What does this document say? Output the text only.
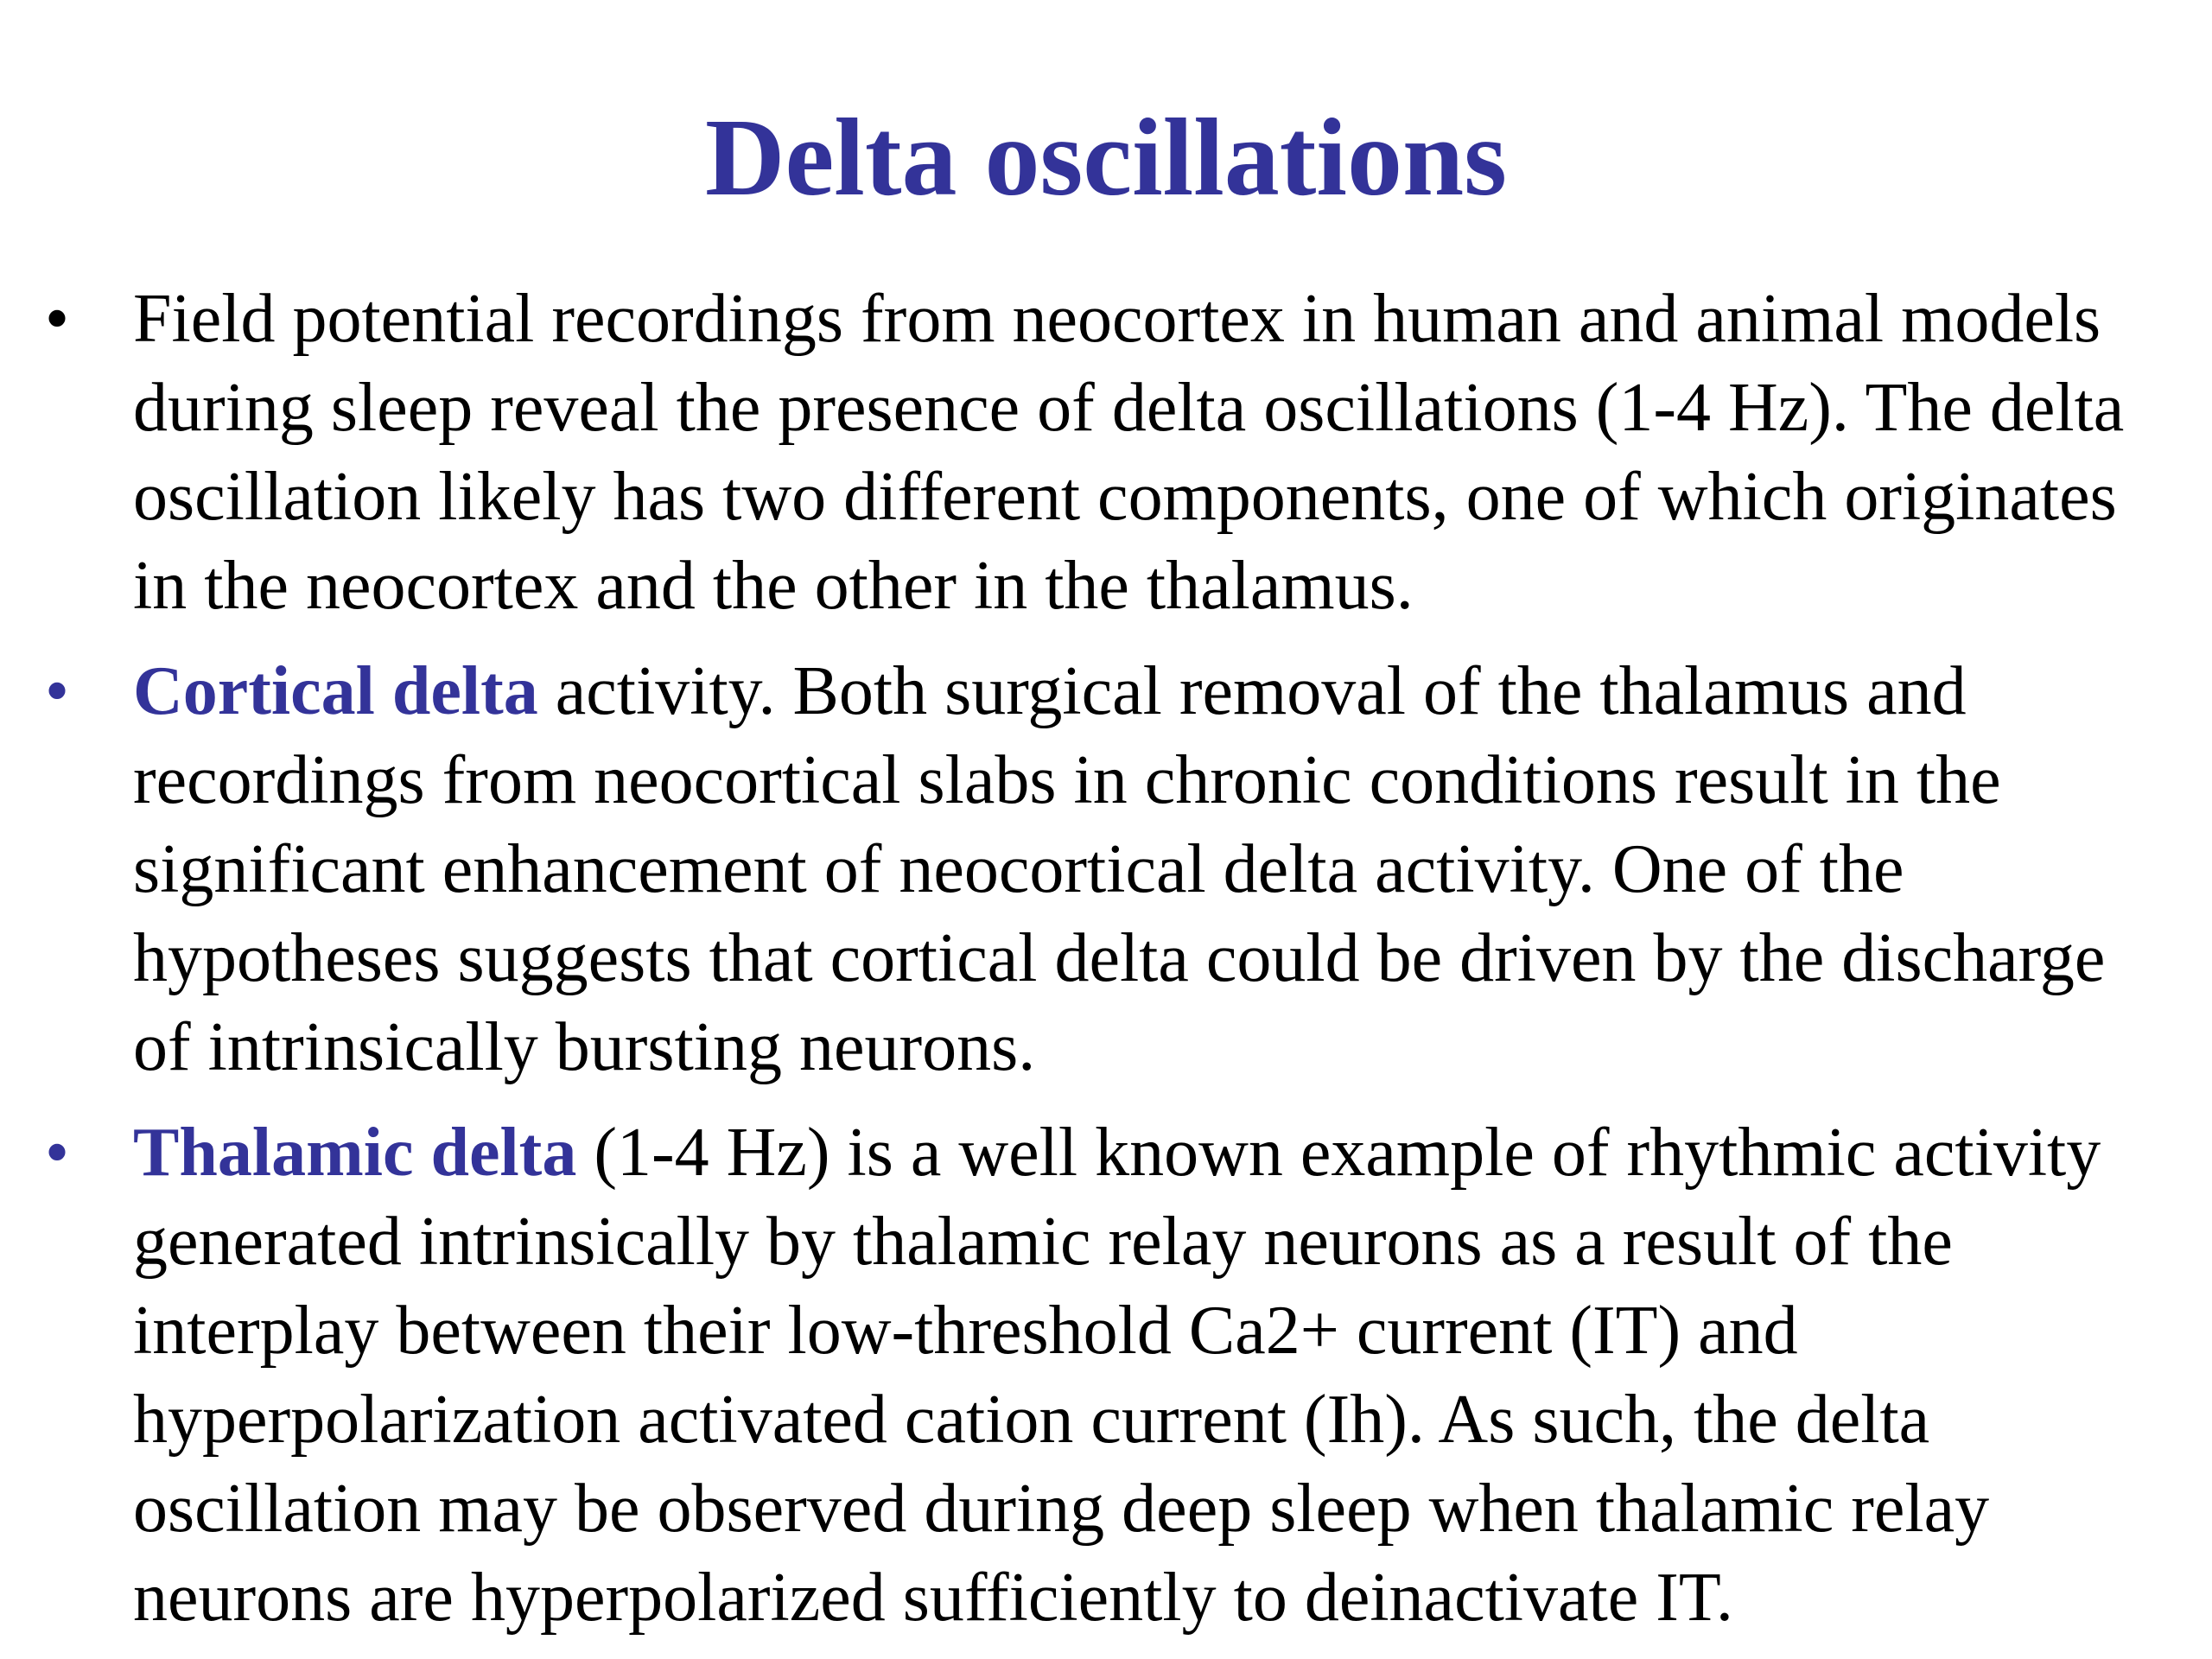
Delta oscillations
• Field potential recordings from neocortex in human and animal models during sleep reveal the presence of delta oscillations (1-4 Hz). The delta oscillation likely has two different components, one of which originates in the neocortex and the other in the thalamus.
• Cortical delta activity. Both surgical removal of the thalamus and recordings from neocortical slabs in chronic conditions result in the significant enhancement of neocortical delta activity. One of the hypotheses suggests that cortical delta could be driven by the discharge of intrinsically bursting neurons.
• Thalamic delta (1-4 Hz) is a well known example of rhythmic activity generated intrinsically by thalamic relay neurons as a result of the interplay between their low-threshold Ca2+ current (IT) and hyperpolarization activated cation current (Ih). As such, the delta oscillation may be observed during deep sleep when thalamic relay neurons are hyperpolarized sufficiently to deinactivate IT.
